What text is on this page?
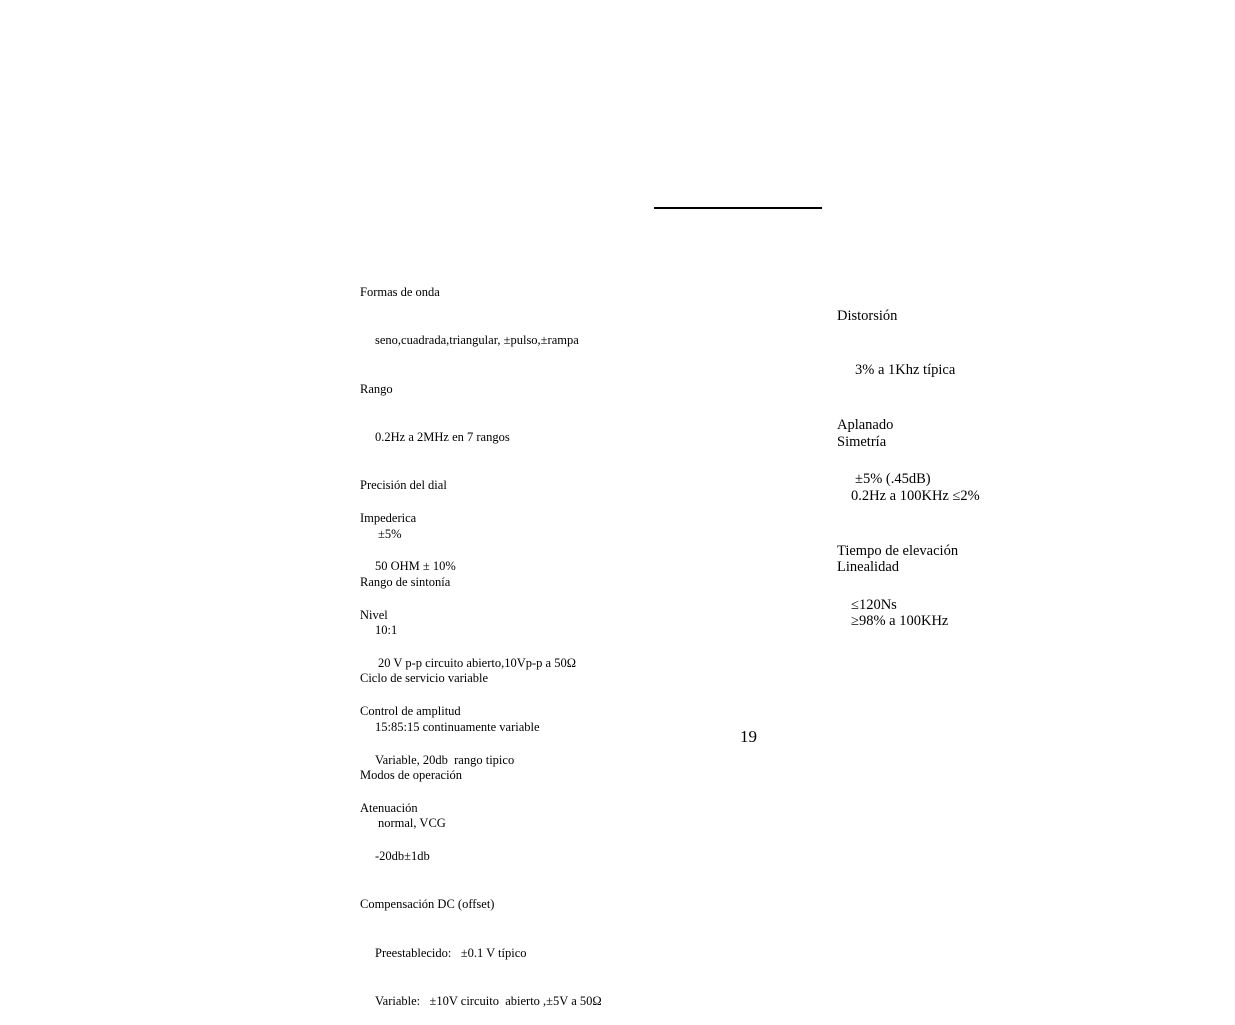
Formas de onda

seno,cuadrada,triangular, ±pulso,±rampa

Rango

0.2Hz a 2MHz en 7 rangos

Precisión del dial

±5%

Rango de sintonía

10:1

Ciclo de servicio variable

15:85:15 continuamente variable

Modos de operación

normal, VCG

Impederica

50 OHM ± 10%

Nivel

20 V p-p circuito abierto,10Vp-p a 50Ω

Control de amplitud

Variable, 20db  rango tipico

Atenuación

-20db±1db

Compensación DC (offset)

Preestablecido:   ±0.1 V típico

Variable:   ±10V circuito  abierto ,±5V a 50Ω

Distorsión

3% a 1Khz típica

Aplanado

±5% (.45dB)

Simetría

0.2Hz a 100KHz ≤2%

Tiempo de elevación

≤120Ns

Linealidad

≥98% a 100KHz

19
